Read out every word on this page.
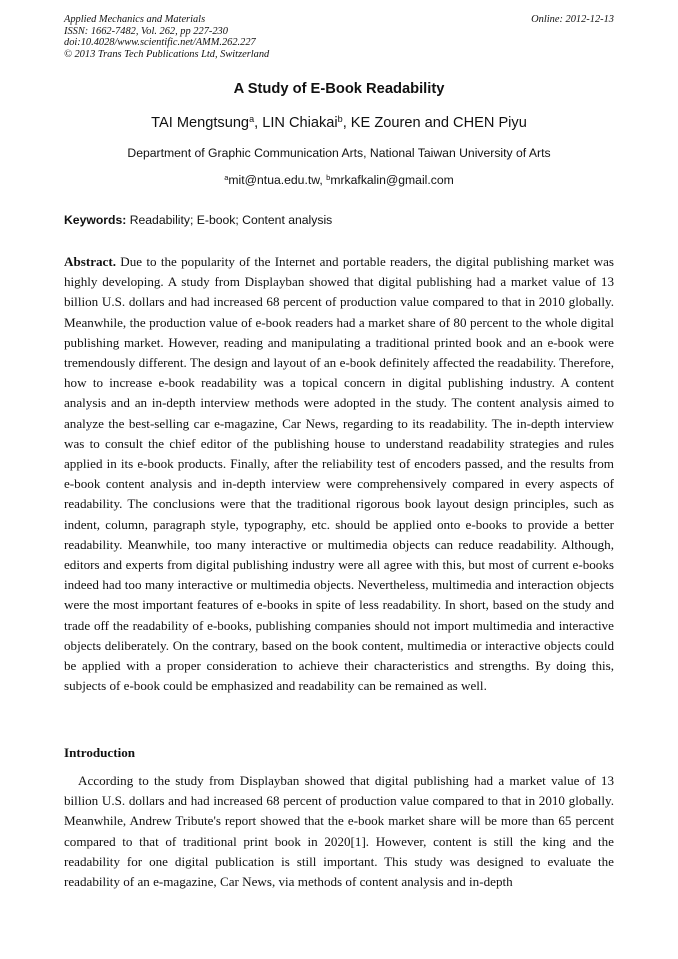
Applied Mechanics and Materials
ISSN: 1662-7482, Vol. 262, pp 227-230
doi:10.4028/www.scientific.net/AMM.262.227
© 2013 Trans Tech Publications Ltd, Switzerland
Online: 2012-12-13
A Study of E-Book Readability
TAI Mengtsung$^a$, LIN Chiakai$^b$, KE Zouren and CHEN Piyu
Department of Graphic Communication Arts, National Taiwan University of Arts
$^a$mit@ntua.edu.tw, $^b$mrkafkalin@gmail.com
Keywords: Readability; E-book; Content analysis
Abstract. Due to the popularity of the Internet and portable readers, the digital publishing market was highly developing. A study from Displayban showed that digital publishing had a market value of 13 billion U.S. dollars and had increased 68 percent of production value compared to that in 2010 globally. Meanwhile, the production value of e-book readers had a market share of 80 percent to the whole digital publishing market. However, reading and manipulating a traditional printed book and an e-book were tremendously different. The design and layout of an e-book definitely affected the readability. Therefore, how to increase e-book readability was a topical concern in digital publishing industry. A content analysis and an in-depth interview methods were adopted in the study. The content analysis aimed to analyze the best-selling car e-magazine, Car News, regarding to its readability. The in-depth interview was to consult the chief editor of the publishing house to understand readability strategies and rules applied in its e-book products. Finally, after the reliability test of encoders passed, and the results from e-book content analysis and in-depth interview were comprehensively compared in every aspects of readability. The conclusions were that the traditional rigorous book layout design principles, such as indent, column, paragraph style, typography, etc. should be applied onto e-books to provide a better readability. Meanwhile, too many interactive or multimedia objects can reduce readability. Although, editors and experts from digital publishing industry were all agree with this, but most of current e-books indeed had too many interactive or multimedia objects. Nevertheless, multimedia and interaction objects were the most important features of e-books in spite of less readability. In short, based on the study and trade off the readability of e-books, publishing companies should not import multimedia and interactive objects deliberately. On the contrary, based on the book content, multimedia or interactive objects could be applied with a proper consideration to achieve their characteristics and strengths. By doing this, subjects of e-book could be emphasized and readability can be remained as well.
Introduction
According to the study from Displayban showed that digital publishing had a market value of 13 billion U.S. dollars and had increased 68 percent of production value compared to that in 2010 globally. Meanwhile, Andrew Tribute's report showed that the e-book market share will be more than 65 percent compared to that of traditional print book in 2020[1]. However, content is still the king and the readability for one digital publication is still important. This study was designed to evaluate the readability of an e-magazine, Car News, via methods of content analysis and in-depth
